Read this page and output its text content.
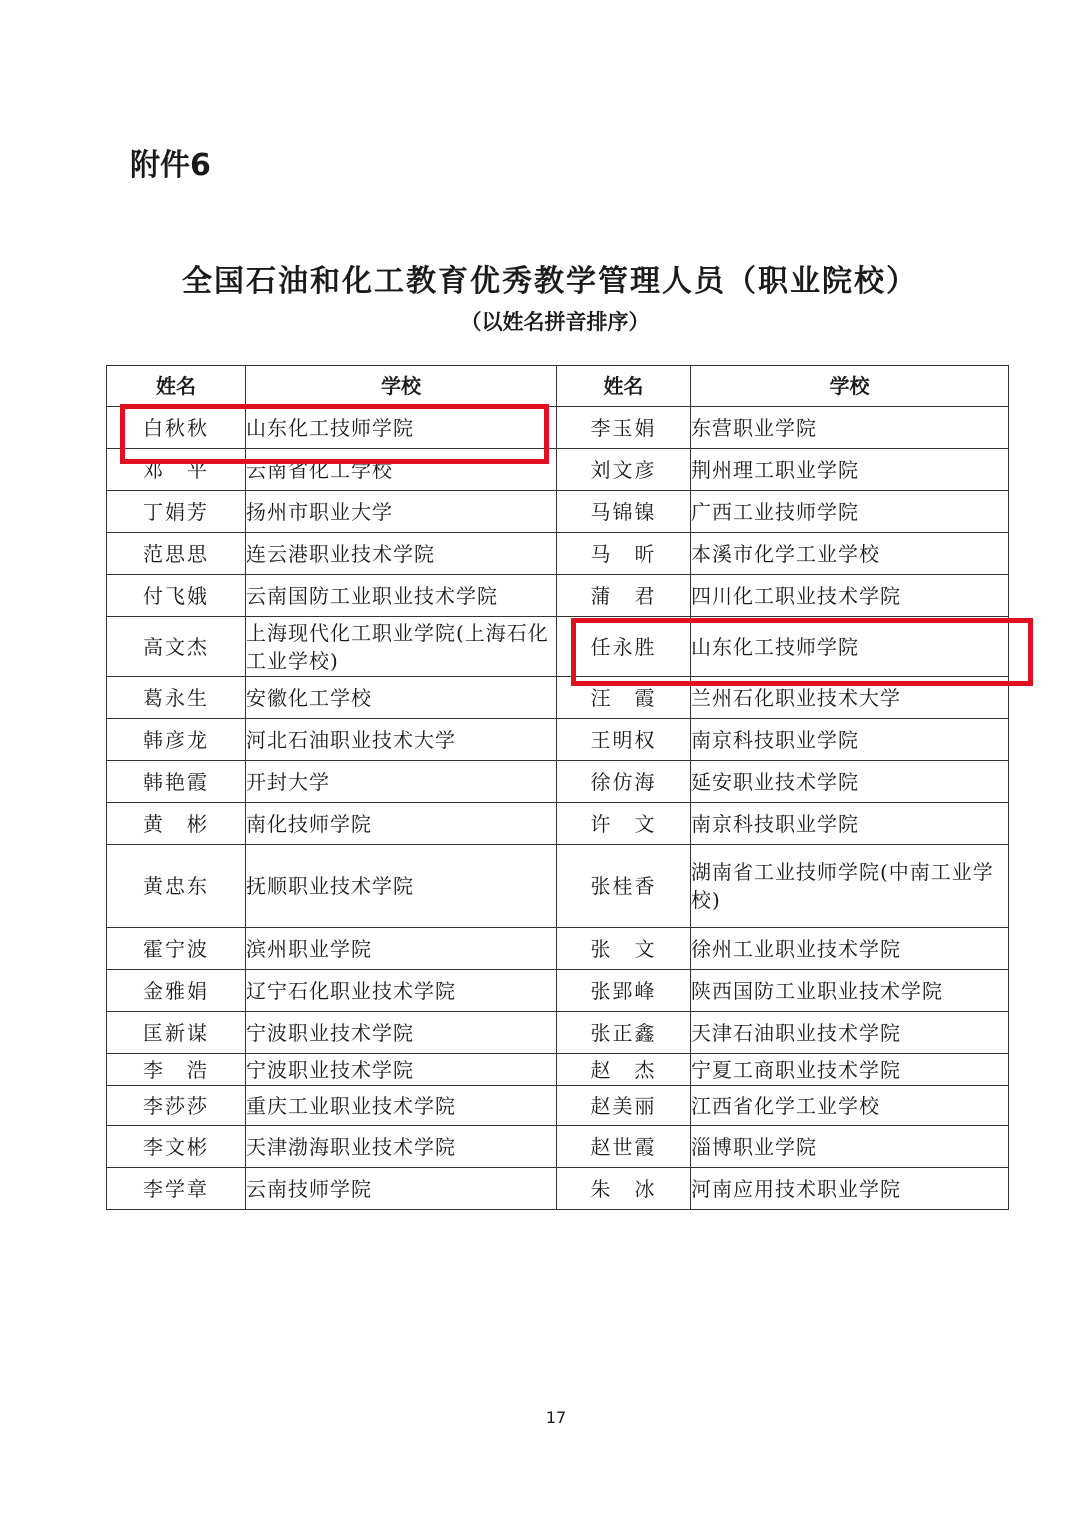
附件6
全国石油和化工教育优秀教学管理人员（职业院校）
（以姓名拼音排序）
姓名	学校	姓名	学校
白秋秋	山东化工技师学院	李玉娟	东营职业学院
邓　平	云南省化工学校	刘文彦	荆州理工职业学院
丁娟芳	扬州市职业大学	马锦镍	广西工业技师学院
范思思	连云港职业技术学院	马　昕	本溪市化学工业学校
付飞娥	云南国防工业职业技术学院	蒲　君	四川化工职业技术学院
高文杰	上海现代化工职业学院(上海石化工业学校)	任永胜	山东化工技师学院
葛永生	安徽化工学校	汪　霞	兰州石化职业技术大学
韩彦龙	河北石油职业技术大学	王明权	南京科技职业学院
韩艳霞	开封大学	徐仿海	延安职业技术学院
黄　彬	南化技师学院	许　文	南京科技职业学院
黄忠东	抚顺职业技术学院	张桂香	湖南省工业技师学院(中南工业学校)
霍宁波	滨州职业学院	张　文	徐州工业职业技术学院
金雅娟	辽宁石化职业技术学院	张郢峰	陕西国防工业职业技术学院
匡新谋	宁波职业技术学院	张正鑫	天津石油职业技术学院
李　浩	宁波职业技术学院	赵　杰	宁夏工商职业技术学院
李莎莎	重庆工业职业技术学院	赵美丽	江西省化学工业学校
李文彬	天津渤海职业技术学院	赵世霞	淄博职业学院
李学章	云南技师学院	朱　冰	河南应用技术职业学院
17
